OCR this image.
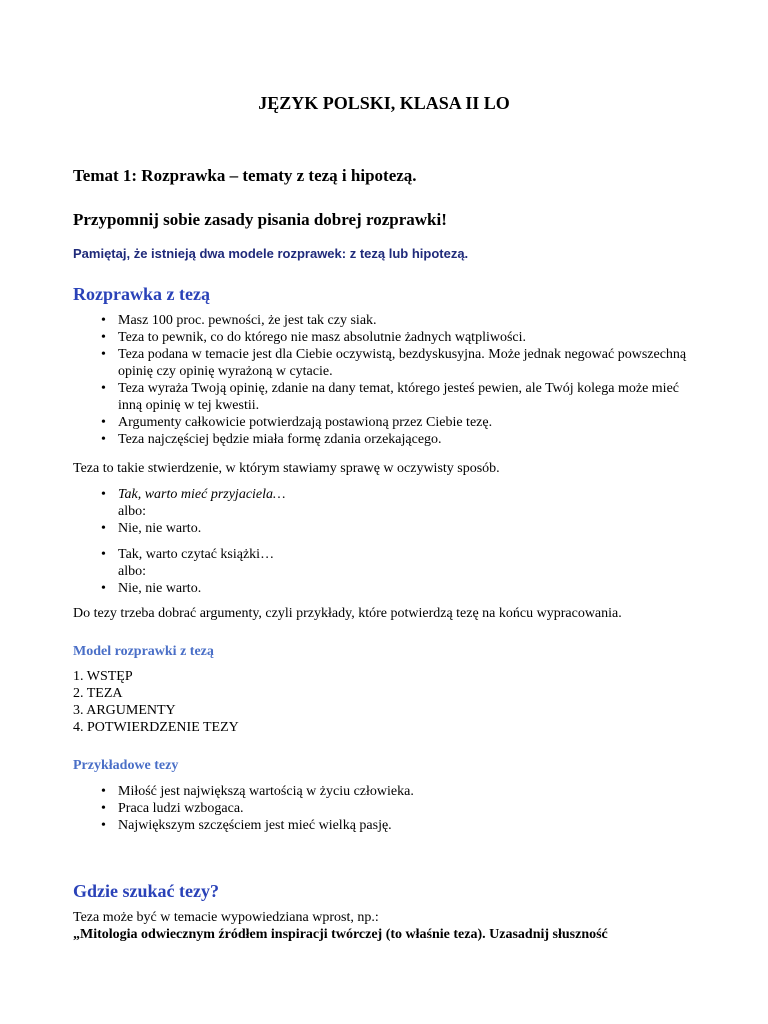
JĘZYK POLSKI, KLASA II LO
Temat 1: Rozprawka – tematy z tezą i hipotezą.
Przypomnij sobie zasady pisania dobrej rozprawki!
Pamiętaj, że istnieją dwa modele rozprawek: z tezą lub hipotezą.
Rozprawka z tezą
• Masz 100 proc. pewności, że jest tak czy siak.
• Teza to pewnik, co do którego nie masz absolutnie żadnych wątpliwości.
• Teza podana w temacie jest dla Ciebie oczywistą, bezdyskusyjna. Może jednak negować powszechną opinię czy opinię wyrażoną w cytacie.
• Teza wyraża Twoją opinię, zdanie na dany temat, którego jesteś pewien, ale Twój kolega może mieć inną opinię w tej kwestii.
• Argumenty całkowicie potwierdzają postawioną przez Ciebie tezę.
• Teza najczęściej będzie miała formę zdania orzekającego.
Teza to takie stwierdzenie, w którym stawiamy sprawę w oczywisty sposób.
• Tak, warto mieć przyjaciela…
albo:
• Nie, nie warto.
• Tak, warto czytać książki…
albo:
• Nie, nie warto.
Do tezy trzeba dobrać argumenty, czyli przykłady, które potwierdzą tezę na końcu wypracowania.
Model rozprawki z tezą
1. WSTĘP
2. TEZA
3. ARGUMENTY
4. POTWIERDZENIE TEZY
Przykładowe tezy
• Miłość jest największą wartością w życiu człowieka.
• Praca ludzi wzbogaca.
• Największym szczęściem jest mieć wielką pasję.
Gdzie szukać tezy?
Teza może być w temacie wypowiedziana wprost, np.:
„Mitologia odwiecznym źródłem inspiracji twórczej (to właśnie teza). Uzasadnij słuszność
